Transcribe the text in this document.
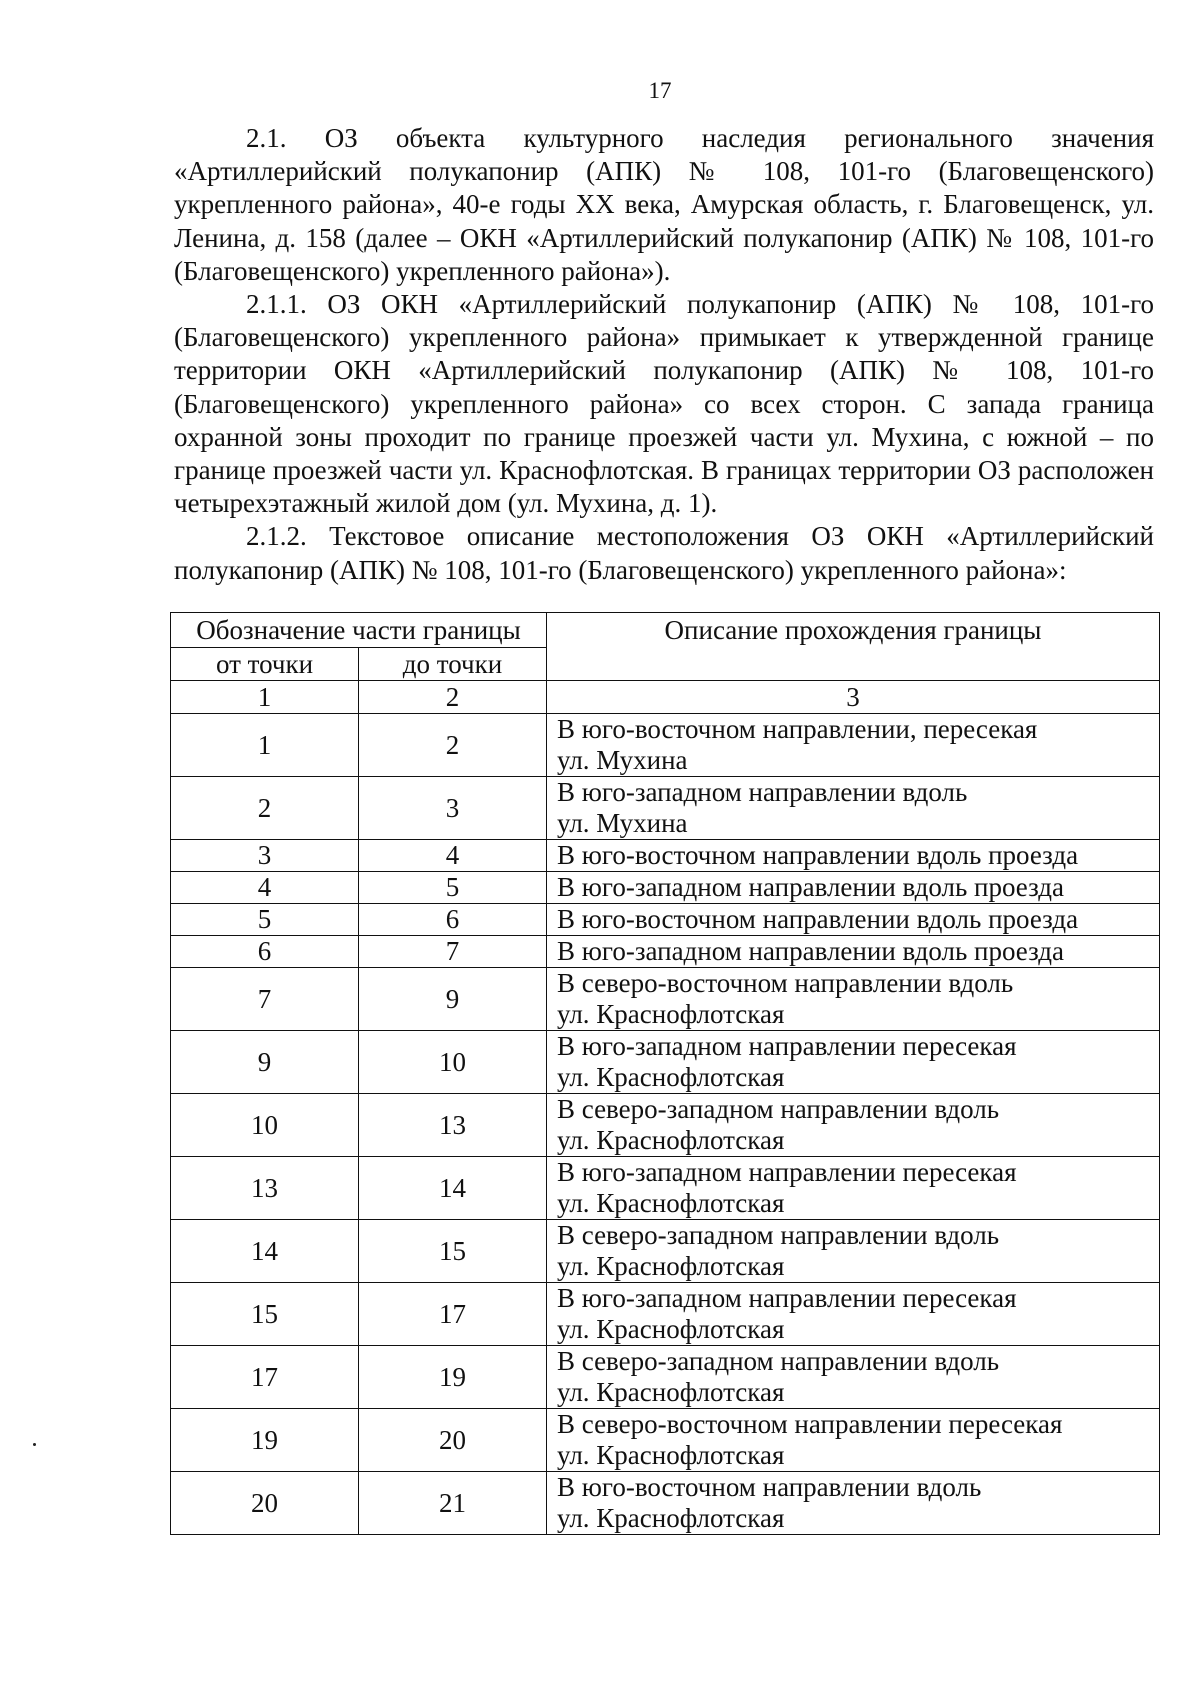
17

2.1. ОЗ объекта культурного наследия регионального значения «Артиллерийский полукапонир (АПК) № 108, 101-го (Благовещенского) укрепленного района», 40-е годы XX века, Амурская область, г. Благовещенск, ул. Ленина, д. 158 (далее – ОКН «Артиллерийский полукапонир (АПК) № 108, 101-го (Благовещенского) укрепленного района»).

2.1.1. ОЗ ОКН «Артиллерийский полукапонир (АПК) № 108, 101-го (Благовещенского) укрепленного района» примыкает к утвержденной границе территории ОКН «Артиллерийский полукапонир (АПК) № 108, 101-го (Благовещенского) укрепленного района» со всех сторон. С запада граница охранной зоны проходит по границе проезжей части ул. Мухина, с южной – по границе проезжей части ул. Краснофлотская. В границах территории ОЗ расположен четырехэтажный жилой дом (ул. Мухина, д. 1).

2.1.2. Текстовое описание местоположения ОЗ ОКН «Артиллерийский полукапонир (АПК) № 108, 101-го (Благовещенского) укрепленного района»:

Обозначение части границы		Описание прохождения границы
от точки	до точки	
1	2	3
1	2	В юго-восточном направлении, пересекая
ул. Мухина

2	3	В юго-западном направлении вдоль
ул. Мухина

3	4	В юго-восточном направлении вдоль проезда

4	5	В юго-западном направлении вдоль проезда

5	6	В юго-восточном направлении вдоль проезда

6	7	В юго-западном направлении вдоль проезда

7	9	В северо-восточном направлении вдоль
ул. Краснофлотская

9	10	В юго-западном направлении пересекая
ул. Краснофлотская

10	13	В северо-западном направлении вдоль
ул. Краснофлотская

13	14	В юго-западном направлении пересекая
ул. Краснофлотская

14	15	В северо-западном направлении вдоль
ул. Краснофлотская

15	17	В юго-западном направлении пересекая
ул. Краснофлотская

17	19	В северо-западном направлении вдоль
ул. Краснофлотская

19	20	В северо-восточном направлении пересекая
ул. Краснофлотская

20	21	В юго-восточном направлении вдоль
ул. Краснофлотская
